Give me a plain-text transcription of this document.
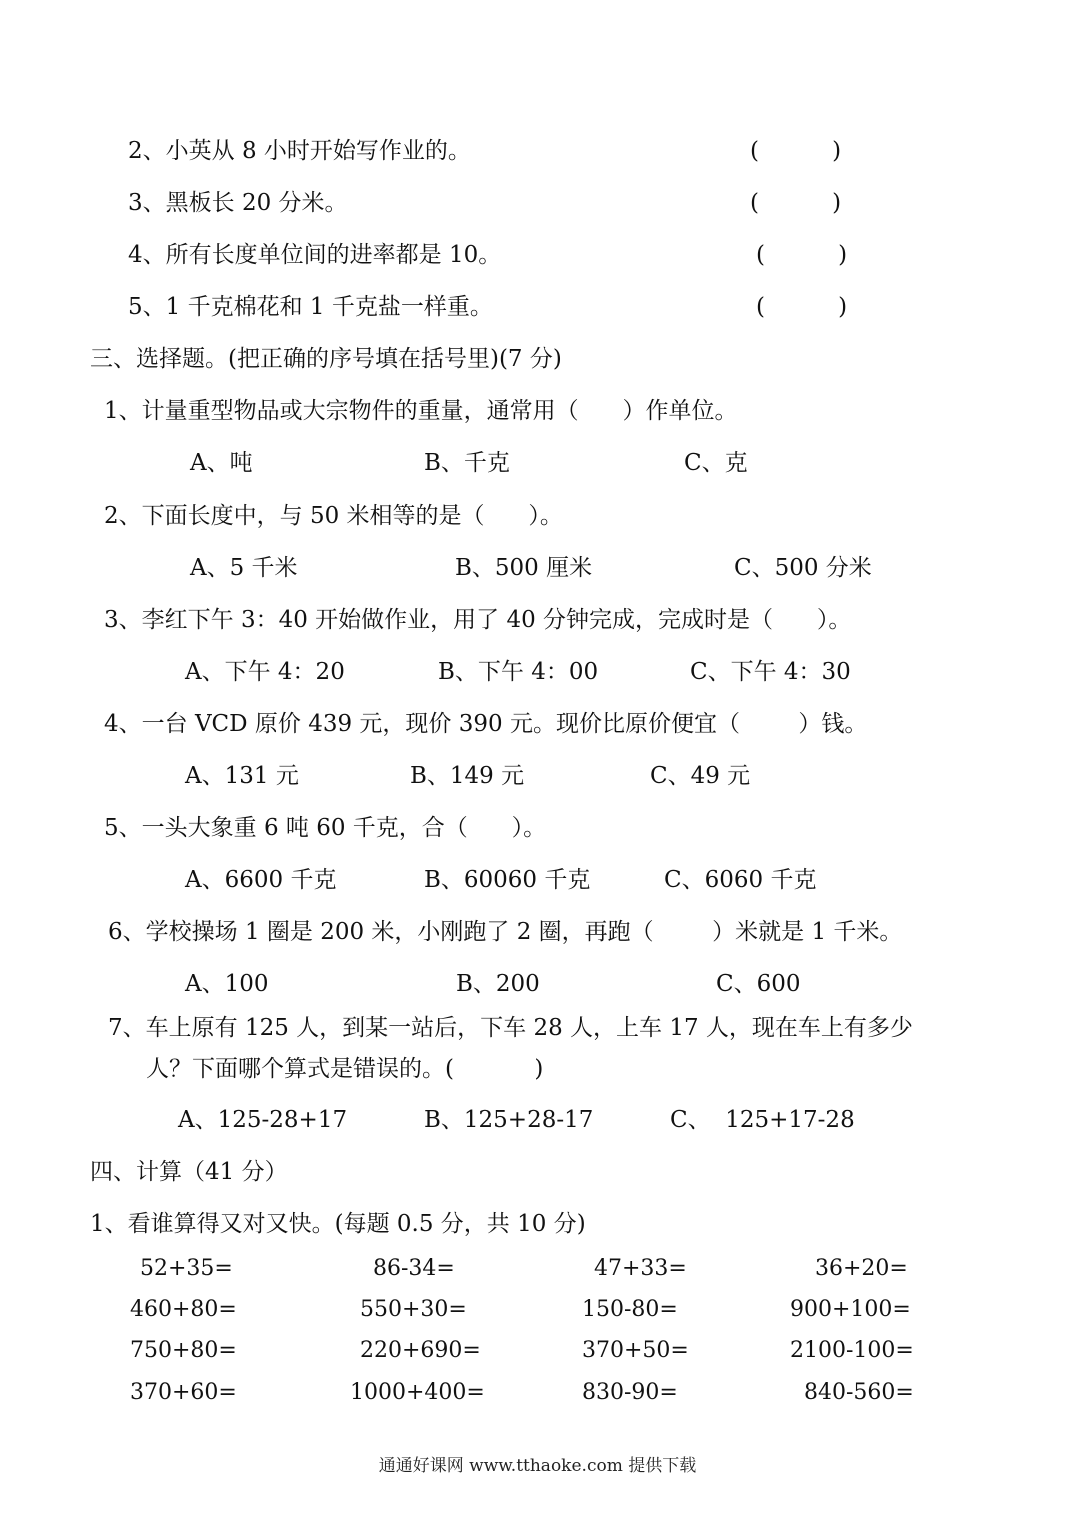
2、小英从 8 小时开始写作业的。	(          )
3、黑板长 20 分米。	(          )
4、所有长度单位间的进率都是 10。	(          )
5、1 千克棉花和 1 千克盐一样重。	(          )
三、选择题。(把正确的序号填在括号里)(7 分)
1、计量重型物品或大宗物件的重量，通常用（      ）作单位。
A、吨	B、千克	C、克
2、下面长度中，与 50 米相等的是（      ）。
A、5 千米	B、500 厘米	C、500 分米
3、李红下午 3：40 开始做作业，用了 40 分钟完成，完成时是（      ）。
A、下午 4：20	B、下午 4：00	C、下午 4：30
4、一台 VCD 原价 439 元，现价 390 元。现价比原价便宜（        ）钱。
A、131 元	B、149 元	C、49 元
5、一头大象重 6 吨 60 千克，合（      ）。
A、6600 千克	B、60060 千克	C、6060 千克
6、学校操场 1 圈是 200 米，小刚跑了 2 圈，再跑（        ）米就是 1 千米。
A、100	B、200	C、600
7、车上原有 125 人，到某一站后，下车 28 人，上车 17 人，现在车上有多少
人？下面哪个算式是错误的。(           )
A、125-28+17	B、125+28-17	C、  125+17-28
四、计算（41 分）
1、看谁算得又对又快。(每题 0.5 分，共 10 分)
52+35=	86-34=	47+33=	36+20=
460+80=	550+30=	150-80=	900+100=
750+80=	220+690=	370+50=	2100-100=
370+60=	1000+400=	830-90=	840-560=
通通好课网 www.tthaoke.com 提供下载
